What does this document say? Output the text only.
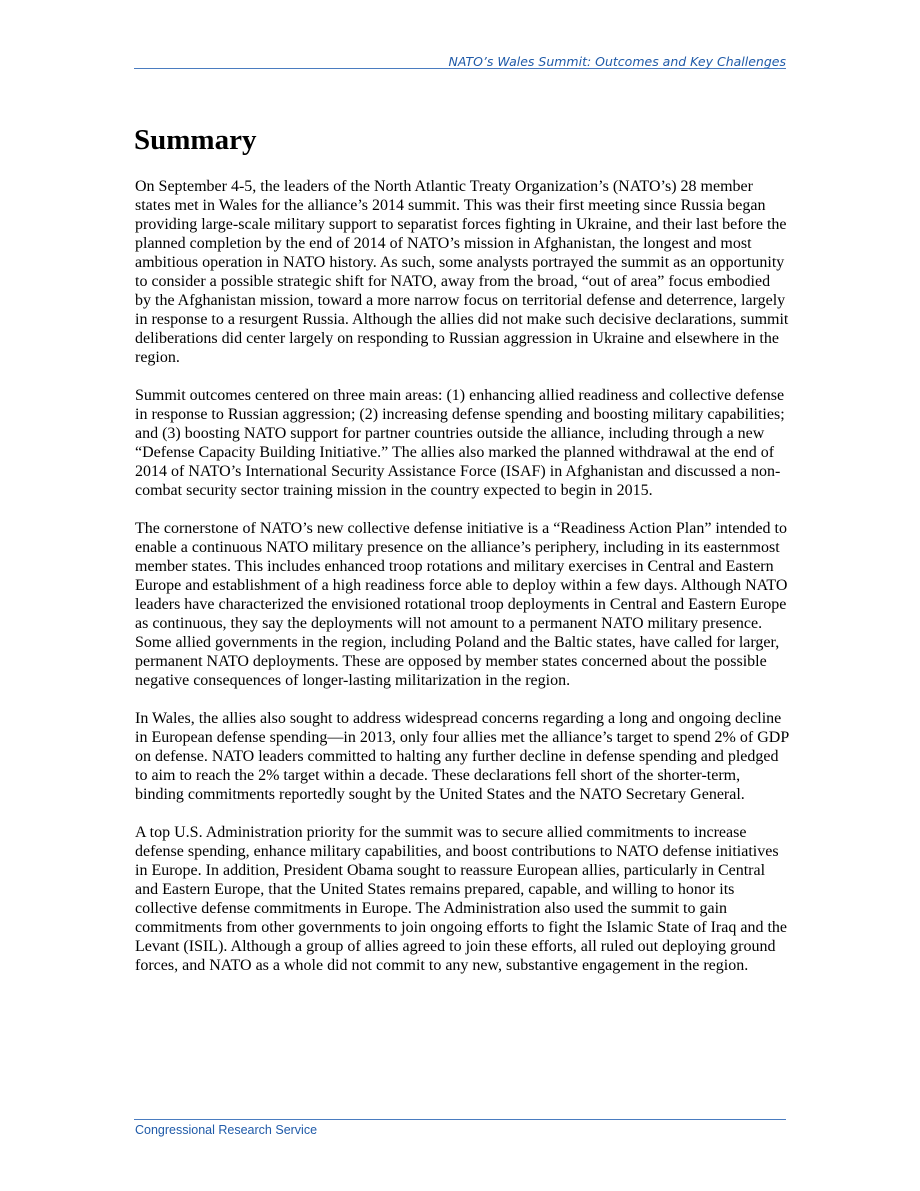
NATO’s Wales Summit: Outcomes and Key Challenges
Summary

On September 4-5, the leaders of the North Atlantic Treaty Organization’s (NATO’s) 28 member states met in Wales for the alliance’s 2014 summit. This was their first meeting since Russia began providing large-scale military support to separatist forces fighting in Ukraine, and their last before the planned completion by the end of 2014 of NATO’s mission in Afghanistan, the longest and most ambitious operation in NATO history. As such, some analysts portrayed the summit as an opportunity to consider a possible strategic shift for NATO, away from the broad, “out of area” focus embodied by the Afghanistan mission, toward a more narrow focus on territorial defense and deterrence, largely in response to a resurgent Russia. Although the allies did not make such decisive declarations, summit deliberations did center largely on responding to Russian aggression in Ukraine and elsewhere in the region.

Summit outcomes centered on three main areas: (1) enhancing allied readiness and collective defense in response to Russian aggression; (2) increasing defense spending and boosting military capabilities; and (3) boosting NATO support for partner countries outside the alliance, including through a new “Defense Capacity Building Initiative.” The allies also marked the planned withdrawal at the end of 2014 of NATO’s International Security Assistance Force (ISAF) in Afghanistan and discussed a non-combat security sector training mission in the country expected to begin in 2015.

The cornerstone of NATO’s new collective defense initiative is a “Readiness Action Plan” intended to enable a continuous NATO military presence on the alliance’s periphery, including in its easternmost member states. This includes enhanced troop rotations and military exercises in Central and Eastern Europe and establishment of a high readiness force able to deploy within a few days. Although NATO leaders have characterized the envisioned rotational troop deployments in Central and Eastern Europe as continuous, they say the deployments will not amount to a permanent NATO military presence. Some allied governments in the region, including Poland and the Baltic states, have called for larger, permanent NATO deployments. These are opposed by member states concerned about the possible negative consequences of longer-lasting militarization in the region.

In Wales, the allies also sought to address widespread concerns regarding a long and ongoing decline in European defense spending—in 2013, only four allies met the alliance’s target to spend 2% of GDP on defense. NATO leaders committed to halting any further decline in defense spending and pledged to aim to reach the 2% target within a decade. These declarations fell short of the shorter-term, binding commitments reportedly sought by the United States and the NATO Secretary General.

A top U.S. Administration priority for the summit was to secure allied commitments to increase defense spending, enhance military capabilities, and boost contributions to NATO defense initiatives in Europe. In addition, President Obama sought to reassure European allies, particularly in Central and Eastern Europe, that the United States remains prepared, capable, and willing to honor its collective defense commitments in Europe. The Administration also used the summit to gain commitments from other governments to join ongoing efforts to fight the Islamic State of Iraq and the Levant (ISIL). Although a group of allies agreed to join these efforts, all ruled out deploying ground forces, and NATO as a whole did not commit to any new, substantive engagement in the region.

Congressional Research Service
